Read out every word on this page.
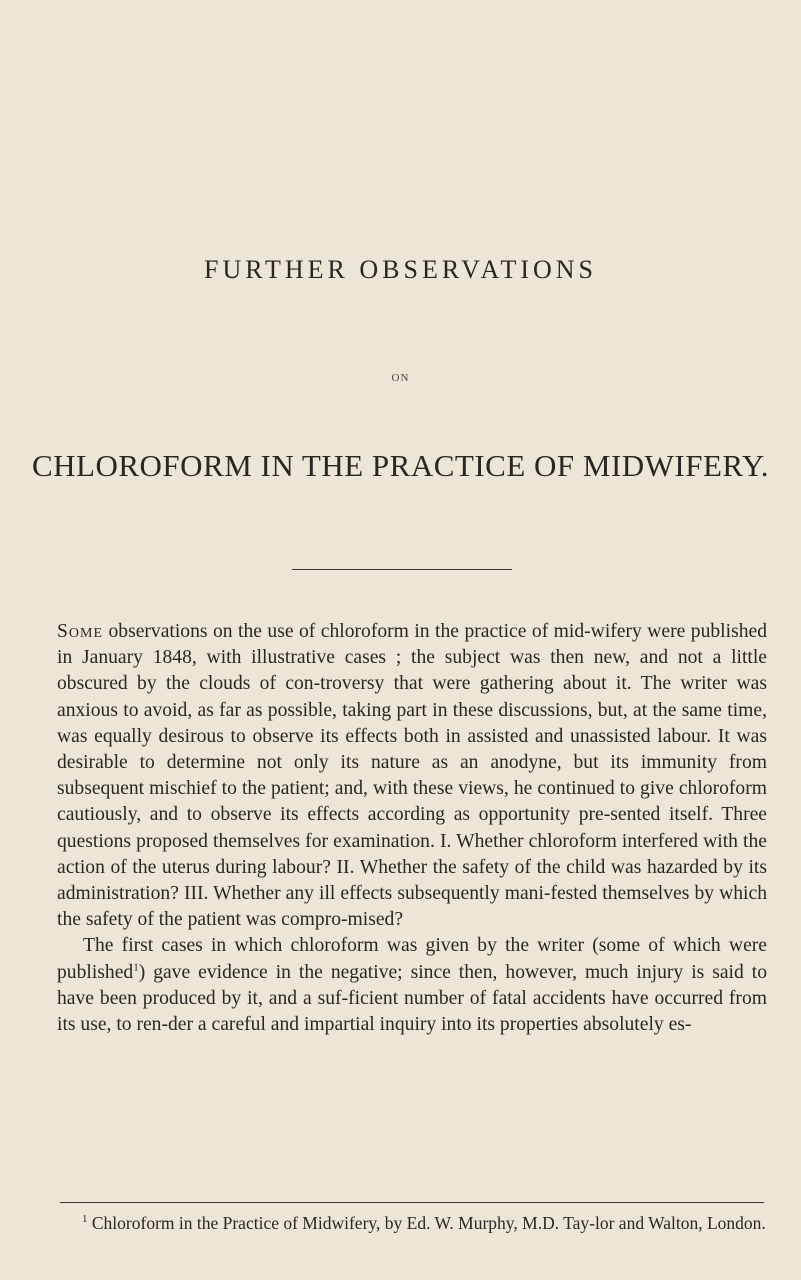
FURTHER OBSERVATIONS
ON
CHLOROFORM IN THE PRACTICE OF MIDWIFERY.

Some observations on the use of chloroform in the practice of mid-wifery were published in January 1848, with illustrative cases ; the subject was then new, and not a little obscured by the clouds of con-troversy that were gathering about it. The writer was anxious to avoid, as far as possible, taking part in these discussions, but, at the same time, was equally desirous to observe its effects both in assisted and unassisted labour. It was desirable to determine not only its nature as an anodyne, but its immunity from subsequent mischief to the patient; and, with these views, he continued to give chloroform cautiously, and to observe its effects according as opportunity pre-sented itself. Three questions proposed themselves for examination. I. Whether chloroform interfered with the action of the uterus during labour? II. Whether the safety of the child was hazarded by its administration? III. Whether any ill effects subsequently mani-fested themselves by which the safety of the patient was compro-mised?

The first cases in which chloroform was given by the writer (some of which were published$^1$) gave evidence in the negative; since then, however, much injury is said to have been produced by it, and a suf-ficient number of fatal accidents have occurred from its use, to ren-der a careful and impartial inquiry into its properties absolutely es-

$^1$ Chloroform in the Practice of Midwifery, by Ed. W. Murphy, M.D. Tay-lor and Walton, London.
